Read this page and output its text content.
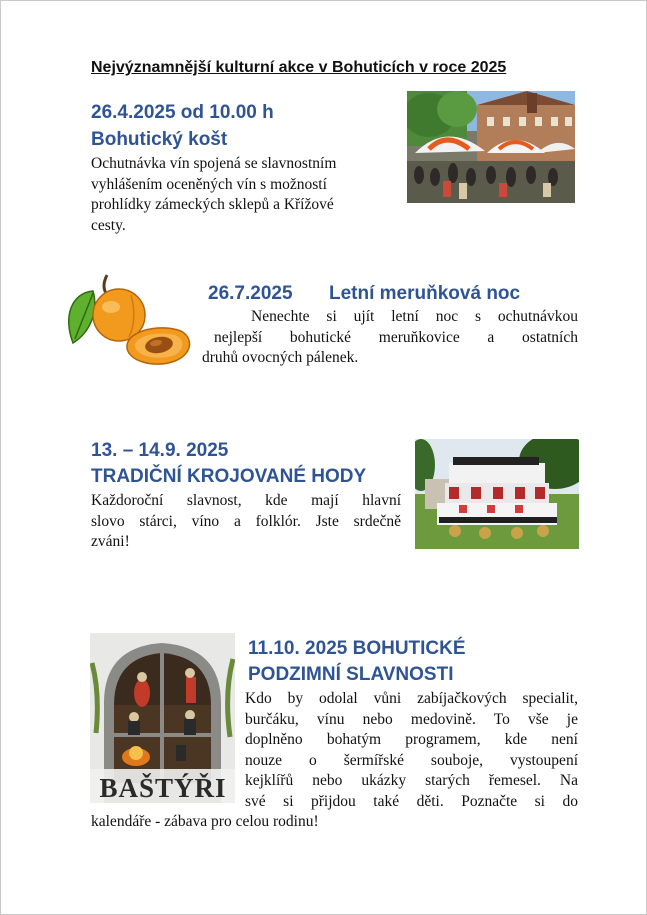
Nejvýznamnější kulturní akce v Bohuticích v roce 2025
26.4.2025 od 10.00 h
Bohutický košt
Ochutnávka vín spojená se slavnostním
vyhlášením oceněných vín s možností
prohlídky zámeckých sklepů a Křížové
cesty.
26.7.2025 Letní meruňková noc
Nenechte si ujít letní noc s ochutnávkou
nejlepší bohutické meruňkovice a ostatních
druhů ovocných pálenek.
13. – 14.9. 2025
TRADIČNÍ KROJOVANÉ HODY
Každoroční slavnost, kde mají hlavní
slovo stárci, víno a folklór. Jste srdečně
zváni!
BAŠTÝŘI
11.10. 2025 BOHUTICKÉ
PODZIMNÍ SLAVNOSTI
Kdo by odolal vůni zabíjačkových specialit,
burčáku, vínu nebo medovině. To vše je
doplněno bohatým programem, kde není
nouze o šermířské souboje, vystoupení
kejklířů nebo ukázky starých řemesel. Na
své si přijdou také děti. Poznačte si do
kalendáře - zábava pro celou rodinu!
